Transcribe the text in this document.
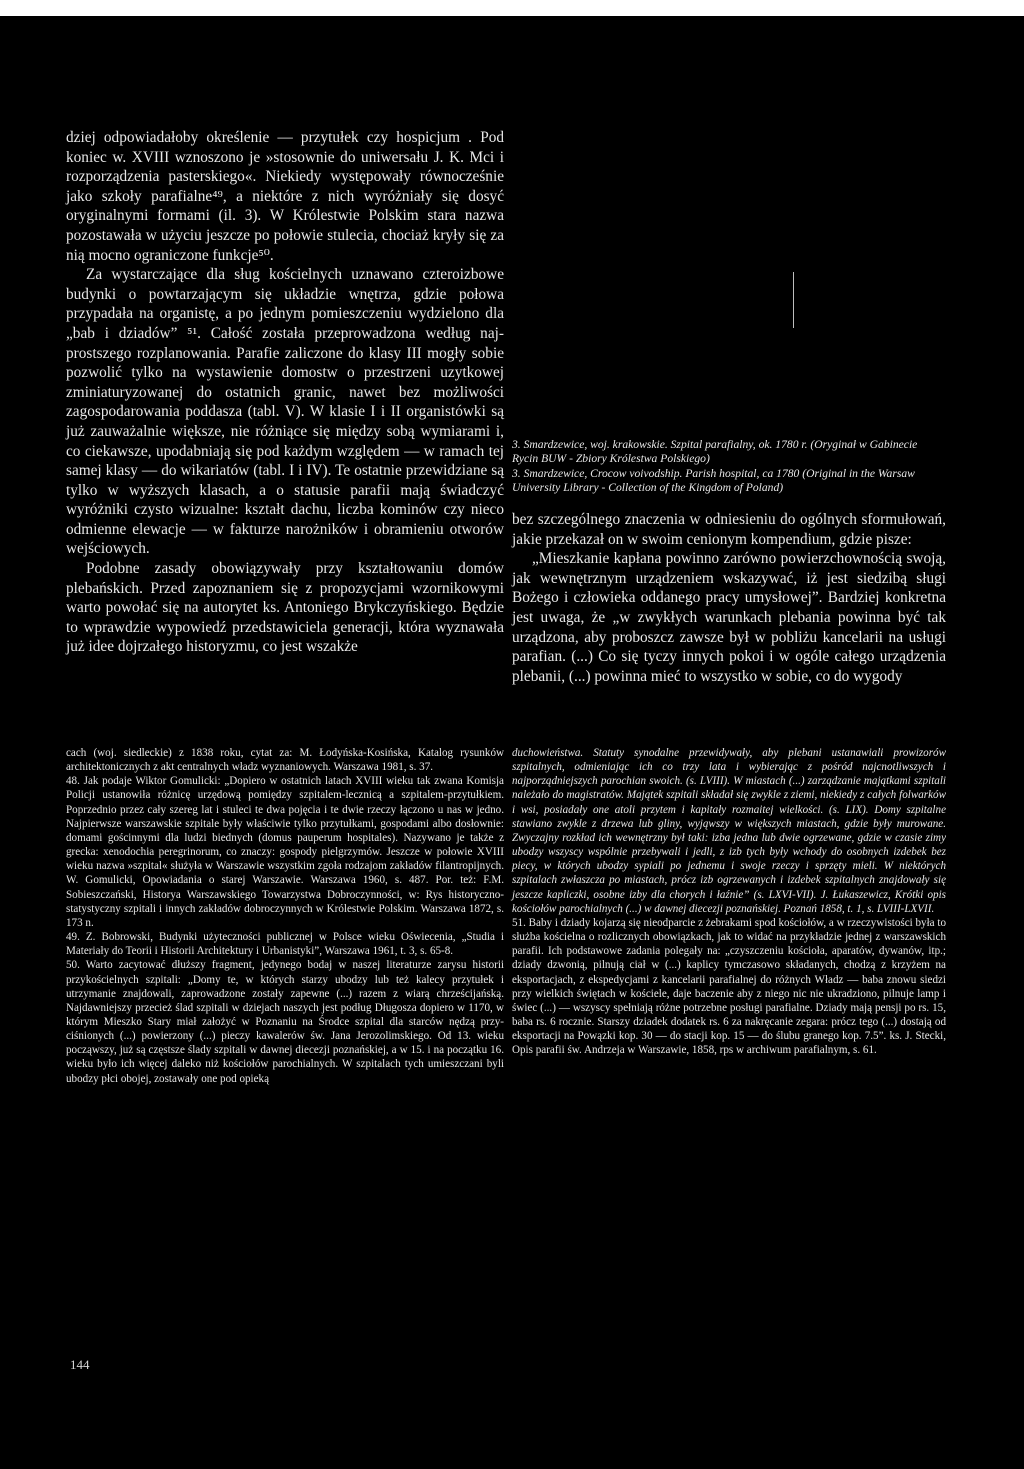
dziej odpowiadałoby określenie — przytułek czy hospicjum . Pod koniec w. XVIII wznoszono je »stosownie do uniwersału J. K. Mci i rozporządzenia pasterskiego«. Niekiedy występowały równocześnie jako szkoły parafialne⁴⁹, a niektóre z nich wyróżniały się dosyć oryginalnymi formami (il. 3). W Królestwie Polskim stara nazwa pozostawała w użyciu jeszcze po połowie stulecia, chociaż kryły się za nią mocno ograniczone funkcje⁵⁰.

Za wystarczające dla sług kościelnych uznawano czteroizbowe budynki o powtarzającym się układzie wnętrza, gdzie połowa przypadała na organistę, a po jednym pomieszczeniu wydzielono dla „bab i dziadów” ⁵¹. Całość została przeprowadzona według najprostszego rozplanowania. Parafie zaliczone do klasy III mogły sobie pozwolić tylko na wystawienie domostw o przestrzeni uzytkowej zminiaturyzowanej do ostatnich granic, nawet bez możliwości zagospodarowania poddasza (tabl. V). W klasie I i II organistówki są już zauważalnie większe, nie różniące się między sobą wymiarami i, co ciekawsze, upodabniają się pod każdym względem — w ramach tej samej klasy — do wikariatów (tabl. I i IV). Te ostatnie przewidziane są tylko w wyższych klasach, a o statusie parafii mają świadczyć wyróżniki czysto wizualne: kształt dachu, liczba kominów czy nieco odmienne elewacje — w fakturze narożników i obramieniu otworów wejściowych.

Podobne zasady obowiązywały przy kształtowaniu domów plebańskich. Przed zapoznaniem się z propozycjami wzornikowymi warto powołać się na autorytet ks. Antoniego Brykczyńskiego. Będzie to wprawdzie wypowiedź przedstawiciela generacji, która wyznawała już idee dojrzałego historyzmu, co jest wszakże

3. Smardzewice, woj. krakowskie. Szpital parafialny, ok. 1780 r. (Oryginał w Gabinecie Rycin BUW - Zbiory Królestwa Polskiego)

3. Smardzewice, Crocow voivodship. Parish hospital, ca 1780 (Original in the Warsaw University Library - Collection of the Kingdom of Poland)

bez szczególnego znaczenia w odniesieniu do ogólnych sformułowań, jakie przekazał on w swoim cenionym kompendium, gdzie pisze:

„Mieszkanie kapłana powinno zarówno powierzchownością swoją, jak wewnętrznym urządzeniem wskazywać, iż jest siedzibą sługi Bożego i człowieka oddanego pracy umysłowej”. Bardziej konkretna jest uwaga, że „w zwykłych warunkach plebania powinna być tak urządzona, aby proboszcz zawsze był w pobliżu kancelarii na usługi parafian. (...) Co się tyczy innych pokoi i w ogóle całego urządzenia plebanii, (...) powinna mieć to wszystko w sobie, co do wygody

cach (woj. siedleckie) z 1838 roku, cytat za: M. Łodyńska-Kosińska, Katalog rysunków architektonicznych z akt centralnych władz wyznaniowych. Warszawa 1981, s. 37.

48. Jak podaje Wiktor Gomulicki: „Dopiero w ostatnich latach XVIII wieku tak zwana Komisja Policji ustanowiła różnicę urzędową pomiędzy szpitalem-lecznicą a szpitalem-przytułkiem. Poprzednio przez cały szereg lat i stuleci te dwa pojęcia i te dwie rzeczy łączono u nas w jedno. Najpierwsze warszawskie szpitale były właściwie tylko przytułkami, gospodami albo dosłownie: domami gościnnymi dla ludzi biednych (domus pauperum hospitales). Nazywano je także z grecka: xenodochia peregrinorum, co znaczy: gospody pielgrzymów. Jeszcze w połowie XVIII wieku nazwa »szpital« służyła w Warszawie wszystkim zgoła rodzajom zakładów filantropijnych. W. Gomulicki, Opowiadania o starej Warszawie. Warszawa 1960, s. 487. Por. też: F.M. Sobieszczański, Historya Warszawskiego Towarzystwa Dobroczynności, w: Rys historyczno-statystyczny szpitali i innych zakładów dobroczynnych w Królestwie Polskim. Warszawa 1872, s. 173 n.

49. Z. Bobrowski, Budynki użyteczności publicznej w Polsce wieku Oświecenia, „Studia i Materiały do Teorii i Historii Architektury i Urbanistyki”, Warszawa 1961, t. 3, s. 65-8.

50. Warto zacytować dłuższy fragment, jedynego bodaj w naszej literaturze zarysu historii przykościelnych szpitali: „Domy te, w których starzy ubodzy lub też kalecy przytułek i utrzymanie znajdowali, zaprowadzone zostały zapewne (...) razem z wiarą chrześcijańską. Najdawniejszy przecież ślad szpitali w dziejach naszych jest podług Długosza dopiero w 1170, w którym Mieszko Stary miał założyć w Poznaniu na Środce szpital dla starców nędzą przyciśnionych (...) powierzony (...) pieczy kawalerów św. Jana Jerozolimskiego. Od 13. wieku począwszy, już są częstsze ślady szpitali w dawnej diecezji poznańskiej, a w 15. i na początku 16. wieku było ich więcej daleko niż kościołów parochialnych. W szpitalach tych umieszczani byli ubodzy płci obojej, zostawały one pod opieką

duchowieństwa. Statuty synodalne przewidywały, aby plebani ustanawiali prowizorów szpitalnych, odmieniając ich co trzy lata i wybierając z pośród najcnotliwszych i najporządniejszych parochian swoich. (s. LVIII). W miastach (...) zarządzanie majątkami szpitali należało do magistratów. Majątek szpitali składał się zwykle z ziemi, niekiedy z całych folwarków i wsi, posiadały one atoli przytem i kapitały rozmaitej wielkości. (s. LIX). Domy szpitalne stawiano zwykle z drzewa lub gliny, wyjąwszy w większych miastach, gdzie były murowane. Zwyczajny rozkład ich wewnętrzny był taki: izba jedna lub dwie ogrzewane, gdzie w czasie zimy ubodzy wszyscy wspólnie przebywali i jedli, z izb tych były wchody do osobnych izdebek bez piecy, w których ubodzy sypiali po jednemu i swoje rzeczy i sprzęty mieli. W niektórych szpitalach zwłaszcza po miastach, prócz izb ogrzewanych i izdebek szpitalnych znajdowały się jeszcze kapliczki, osobne izby dla chorych i łaźnie” (s. LXVI-VII). J. Łukaszewicz, Krótki opis kościołów parochialnych (...) w dawnej diecezji poznańskiej. Poznań 1858, t. 1, s. LVIII-LXVII.

51. Baby i dziady kojarzą się nieodparcie z żebrakami spod kościołów, a w rzeczywistości była to służba kościelna o rozlicznych obowiązkach, jak to widać na przykładzie jednej z warszawskich parafii. Ich podstawowe zadania polegały na: „czyszczeniu kościoła, aparatów, dywanów, itp.; dziady dzwonią, pilnują ciał w (...) kaplicy tymczasowo składanych, chodzą z krzyżem na eksportacjach, z ekspedycjami z kancelarii parafialnej do różnych Władz — baba znowu siedzi przy wielkich świętach w kościele, daje baczenie aby z niego nic nie ukradziono, pilnuje lamp i świec (...) — wszyscy spełniają różne potrzebne posługi parafialne. Dziady mają pensji po rs. 15, baba rs. 6 rocznie. Starszy dziadek dodatek rs. 6 za nakręcanie zegara: prócz tego (...) dostają od eksportacji na Powązki kop. 30 — do stacji kop. 15 — do ślubu granego kop. 7.5”. ks. J. Stecki, Opis parafii św. Andrzeja w Warszawie, 1858, rps w archiwum parafialnym, s. 61.

144
